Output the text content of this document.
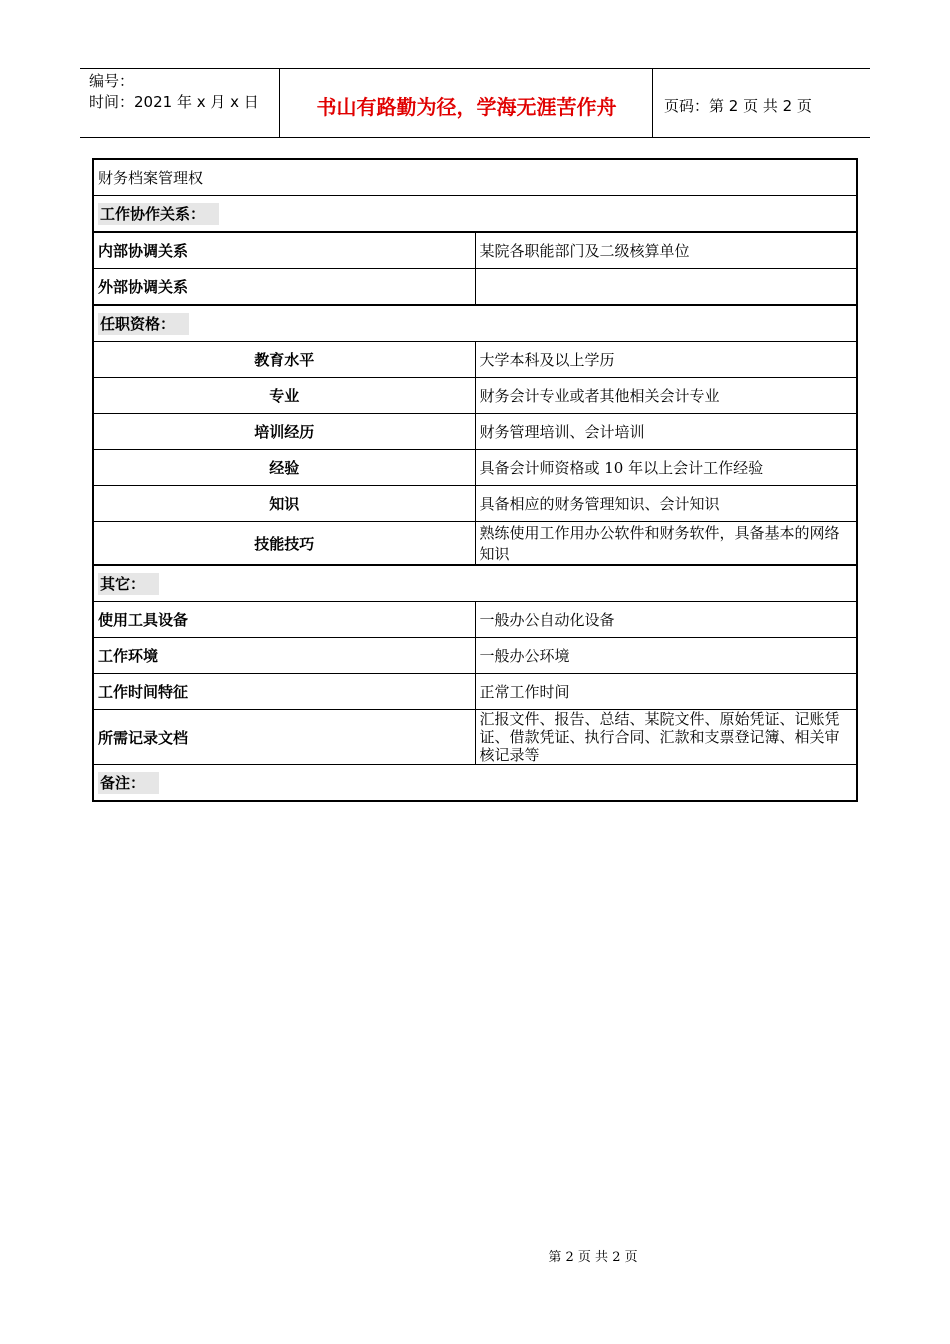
编号：
时间：2021 年 x 月 x 日	书山有路勤为径，学海无涯苦作舟	页码：第 2 页 共 2 页
财务档案管理权	
工作协作关系：	
内部协调关系	某院各职能部门及二级核算单位
外部协调关系	
任职资格：	
教育水平	大学本科及以上学历
专业	财务会计专业或者其他相关会计专业
培训经历	财务管理培训、会计培训
经验	具备会计师资格或 10 年以上会计工作经验
知识	具备相应的财务管理知识、会计知识
技能技巧	熟练使用工作用办公软件和财务软件，具备基本的网络知识
其它：	
使用工具设备	一般办公自动化设备
工作环境	一般办公环境
工作时间特征	正常工作时间
所需记录文档	汇报文件、报告、总结、某院文件、原始凭证、记账凭证、借款凭证、执行合同、汇款和支票登记簿、相关审核记录等
备注：	
第 2 页 共 2 页
